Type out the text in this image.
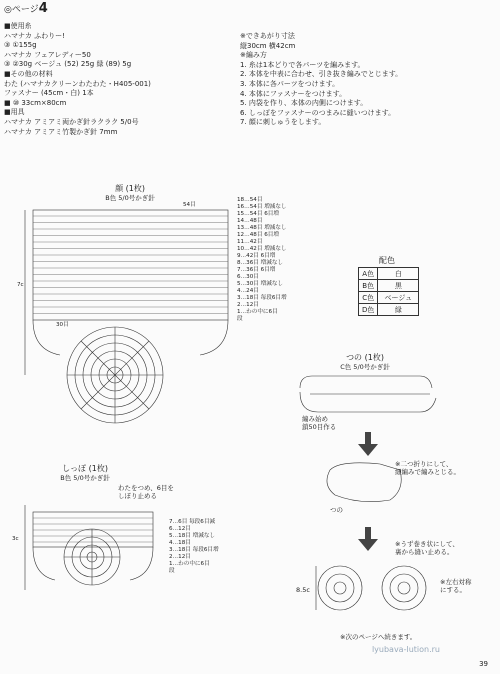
◎ページ4
■使用糸
ハマナカ ふわりー!
③ ①155g
ハマナカ フェアレディー50
③ ②30g ベージュ (52) 25g 緑 (89) 5g
■その他の材料
わた (ハマナカクリーンわたわた・H405-001)
ファスナー (45cm・白) 1本
■ ⑩ 33cm×80cm
■用具
ハマナカ アミアミ両かぎ針ラクラク 5/0号
ハマナカ アミアミ竹製かぎ針 7mm
※できあがり寸法
縦30cm 横42cm
※編み方
1. 糸は1本どりで各パーツを編みます。
2. 本体を中表に合わせ、引き抜き編みでとじます。
3. 本体に各パーツをつけます。
4. 本体にファスナーをつけます。
5. 内袋を作り、本体の内側につけます。
6. しっぽをファスナーのつまみに縫いつけます。
7. 顔に刺しゅうをします。
顔 (1枚)
B色 5/0号かぎ針
54目
7c
30目
18…54目
16…54目 増減なし
15…54目 6目増
14…48目
13…48目 増減なし
12…48目 6目増
11…42目
10…42目 増減なし
9…42目 6目増
8…36目 増減なし
7…36目 6目増
6…30目
5…30目 増減なし
4…24目
3…18目 毎段6目増
2…12目
1…わの中に6目
段
配色
A色	白
B色	黒
C色	ベージュ
D色	緑
つの (1枚)
C色 5/0号かぎ針
編み始め
鎖50目作る
※二つ折りにして、
細編みで編みとじる。
つの
※うず巻き状にして、
裏から縫い止める。
※左右対称
にする。
8.5c
しっぽ (1枚)
B色 5/0号かぎ針
わたをつめ、6目を
しぼり止める
3c
7…6目 毎段6目減
6…12目
5…18目 増減なし
4…18目
3…18目 毎段6目増
2…12目
1…わの中に6目
段
※次のページへ続きます。
lyubava-lution.ru
39
